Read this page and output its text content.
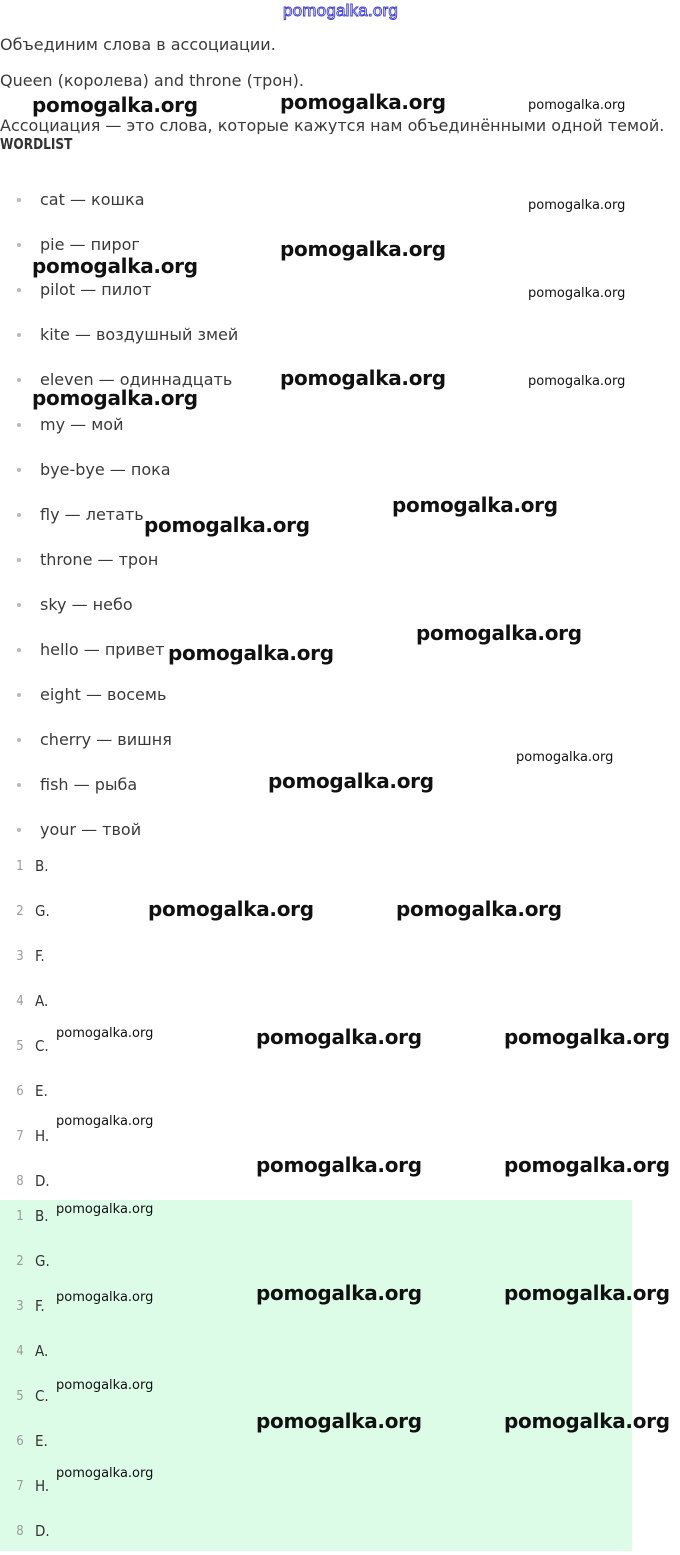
pomogalka.org
Объединим слова в ассоциации.
Queen (королева) and throne (трон).
Ассоциация — это слова, которые кажутся нам объединёнными одной темой.
WORDLIST
cat — кошка
pie — пирог
pilot — пилот
kite — воздушный змей
eleven — одиннадцать
my — мой
bye-bye — пока
fly — летать
throne — трон
sky — небо
hello — привет
eight — восемь
cherry — вишня
fish — рыба
your — твой
1 B.
2 G.
3 F.
4 A.
5 C.
6 E.
7 H.
8 D.
1 B.
2 G.
3 F.
4 A.
5 C.
6 E.
7 H.
8 D.
pomogalka.org	pomogalka.org	pomogalka.org
pomogalka.org
pomogalka.org
pomogalka.org
pomogalka.org
pomogalka.org	pomogalka.org
pomogalka.org
pomogalka.org
pomogalka.org
pomogalka.org
pomogalka.org
pomogalka.org
pomogalka.org
pomogalka.org	pomogalka.org
pomogalka.org	pomogalka.org	pomogalka.org
pomogalka.org
pomogalka.org	pomogalka.org
pomogalka.org
pomogalka.org	pomogalka.org
pomogalka.org
pomogalka.org
pomogalka.org	pomogalka.org
pomogalka.org
